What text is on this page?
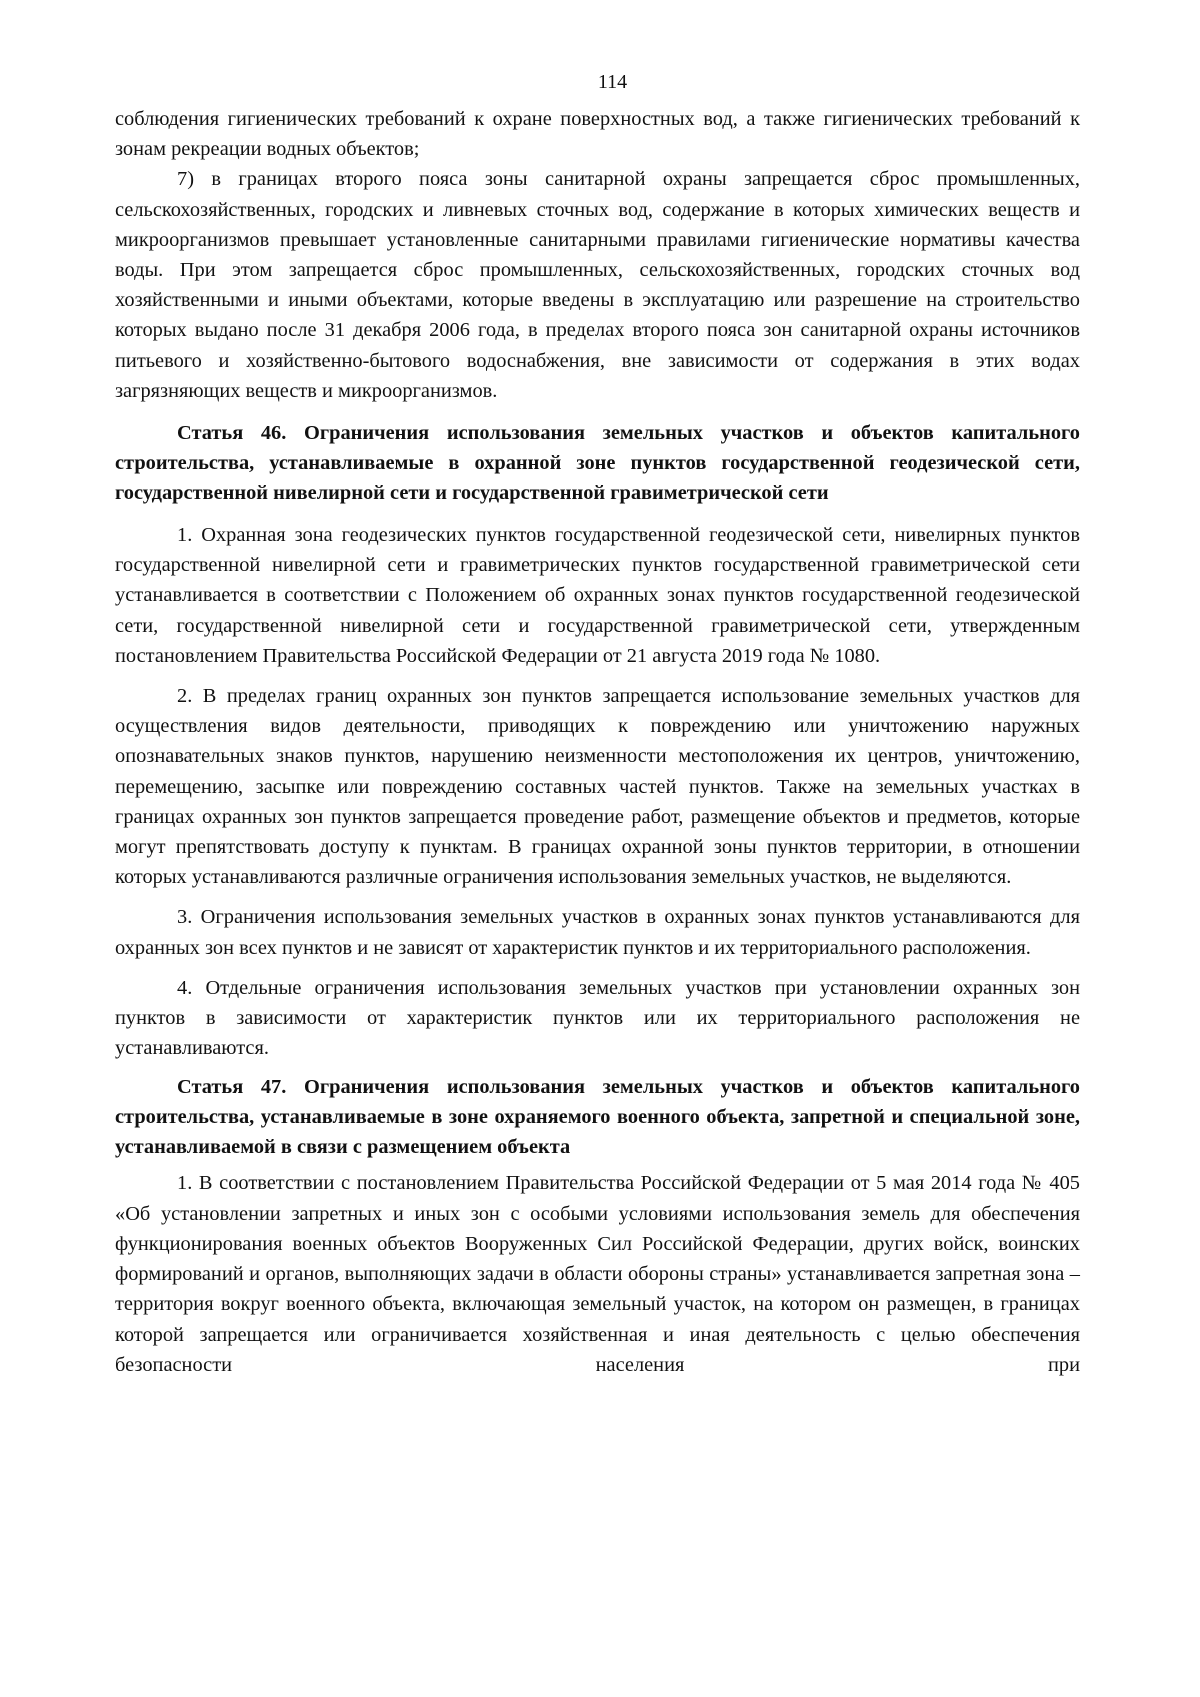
114

соблюдения гигиенических требований к охране поверхностных вод, а также гигиенических требований к зонам рекреации водных объектов;

7) в границах второго пояса зоны санитарной охраны запрещается сброс промышленных, сельскохозяйственных, городских и ливневых сточных вод, содержание в которых химических веществ и микроорганизмов превышает установленные санитарными правилами гигиенические нормативы качества воды. При этом запрещается сброс промышленных, сельскохозяйственных, городских сточных вод хозяйственными и иными объектами, которые введены в эксплуатацию или разрешение на строительство которых выдано после 31 декабря 2006 года, в пределах второго пояса зон санитарной охраны источников питьевого и хозяйственно-бытового водоснабжения, вне зависимости от содержания в этих водах загрязняющих веществ и микроорганизмов.

Статья 46. Ограничения использования земельных участков и объектов капитального строительства, устанавливаемые в охранной зоне пунктов государственной геодезической сети, государственной нивелирной сети и государственной гравиметрической сети

1. Охранная зона геодезических пунктов государственной геодезической сети, нивелирных пунктов государственной нивелирной сети и гравиметрических пунктов государственной гравиметрической сети устанавливается в соответствии с Положением об охранных зонах пунктов государственной геодезической сети, государственной нивелирной сети и государственной гравиметрической сети, утвержденным постановлением Правительства Российской Федерации от 21 августа 2019 года № 1080.

2. В пределах границ охранных зон пунктов запрещается использование земельных участков для осуществления видов деятельности, приводящих к повреждению или уничтожению наружных опознавательных знаков пунктов, нарушению неизменности местоположения их центров, уничтожению, перемещению, засыпке или повреждению составных частей пунктов. Также на земельных участках в границах охранных зон пунктов запрещается проведение работ, размещение объектов и предметов, которые могут препятствовать доступу к пунктам. В границах охранной зоны пунктов территории, в отношении которых устанавливаются различные ограничения использования земельных участков, не выделяются.

3. Ограничения использования земельных участков в охранных зонах пунктов устанавливаются для охранных зон всех пунктов и не зависят от характеристик пунктов и их территориального расположения.

4. Отдельные ограничения использования земельных участков при установлении охранных зон пунктов в зависимости от характеристик пунктов или их территориального расположения не устанавливаются.

Статья 47. Ограничения использования земельных участков и объектов капитального строительства, устанавливаемые в зоне охраняемого военного объекта, запретной и специальной зоне, устанавливаемой в связи с размещением объекта

1. В соответствии с постановлением Правительства Российской Федерации от 5 мая 2014 года № 405 «Об установлении запретных и иных зон с особыми условиями использования земель для обеспечения функционирования военных объектов Вооруженных Сил Российской Федерации, других войск, воинских формирований и органов, выполняющих задачи в области обороны страны» устанавливается запретная зона – территория вокруг военного объекта, включающая земельный участок, на котором он размещен, в границах которой запрещается или ограничивается хозяйственная и иная деятельность с целью обеспечения безопасности населения при
